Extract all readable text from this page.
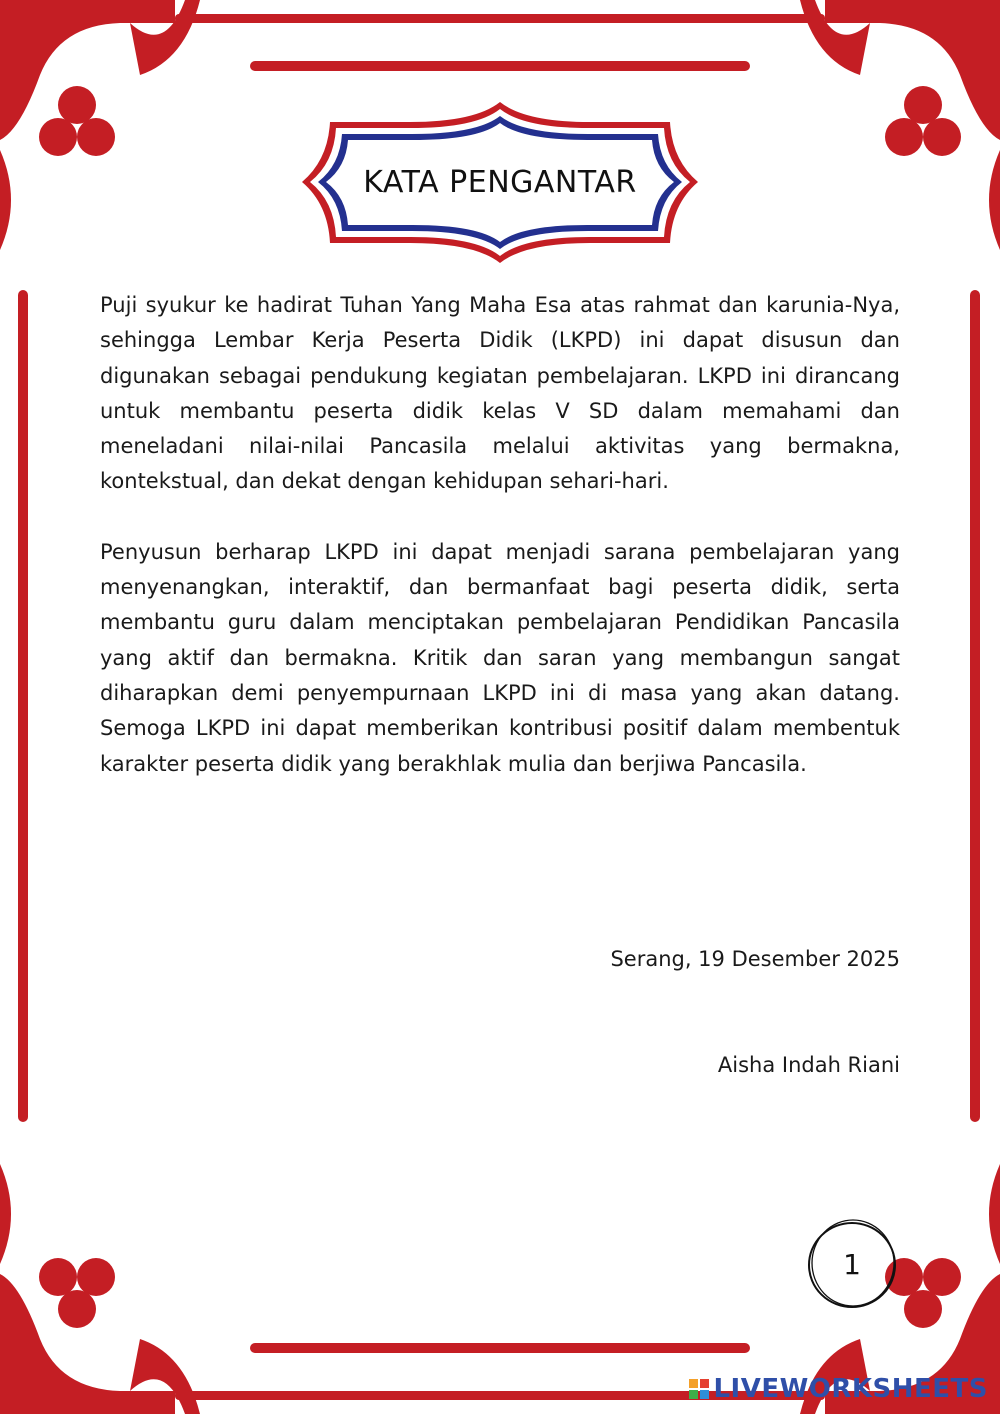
KATA PENGANTAR

Puji syukur ke hadirat Tuhan Yang Maha Esa atas rahmat dan karunia-Nya, sehingga Lembar Kerja Peserta Didik (LKPD) ini dapat disusun dan digunakan sebagai pendukung kegiatan pembelajaran. LKPD ini dirancang untuk membantu peserta didik kelas V SD dalam memahami dan meneladani nilai-nilai Pancasila melalui aktivitas yang bermakna, kontekstual, dan dekat dengan kehidupan sehari-hari.

Penyusun berharap LKPD ini dapat menjadi sarana pembelajaran yang menyenangkan, interaktif, dan bermanfaat bagi peserta didik, serta membantu guru dalam menciptakan pembelajaran Pendidikan Pancasila yang aktif dan bermakna. Kritik dan saran yang membangun sangat diharapkan demi penyempurnaan LKPD ini di masa yang akan datang. Semoga LKPD ini dapat memberikan kontribusi positif dalam membentuk karakter peserta didik yang berakhlak mulia dan berjiwa Pancasila.

Serang, 19 Desember 2025
Aisha Indah Riani
1
LIVEWORKSHEETS
